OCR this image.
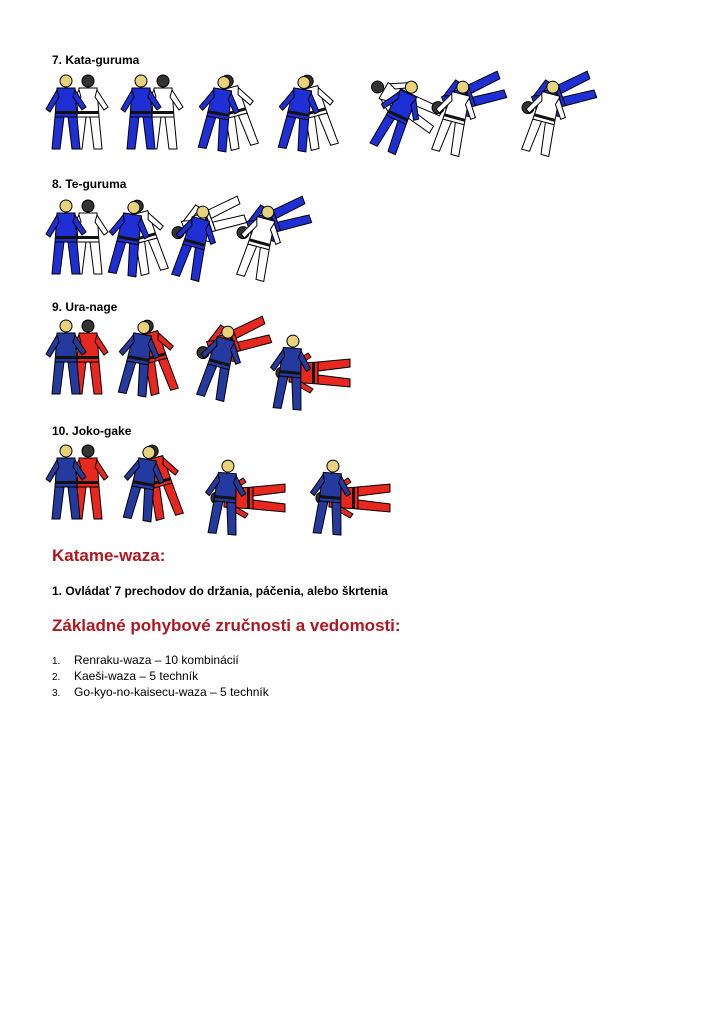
7. Kata-guruma
8. Te-guruma
9. Ura-nage
10. Joko-gake
Katame-waza:

1. Ovládať 7 prechodov do držania, páčenia, alebo škrtenia

Základné pohybové zručnosti a vedomosti:
1. Renraku-waza – 10 kombinácií
2. Kaeši-waza – 5 techník
3. Go-kyo-no-kaisecu-waza – 5 techník
